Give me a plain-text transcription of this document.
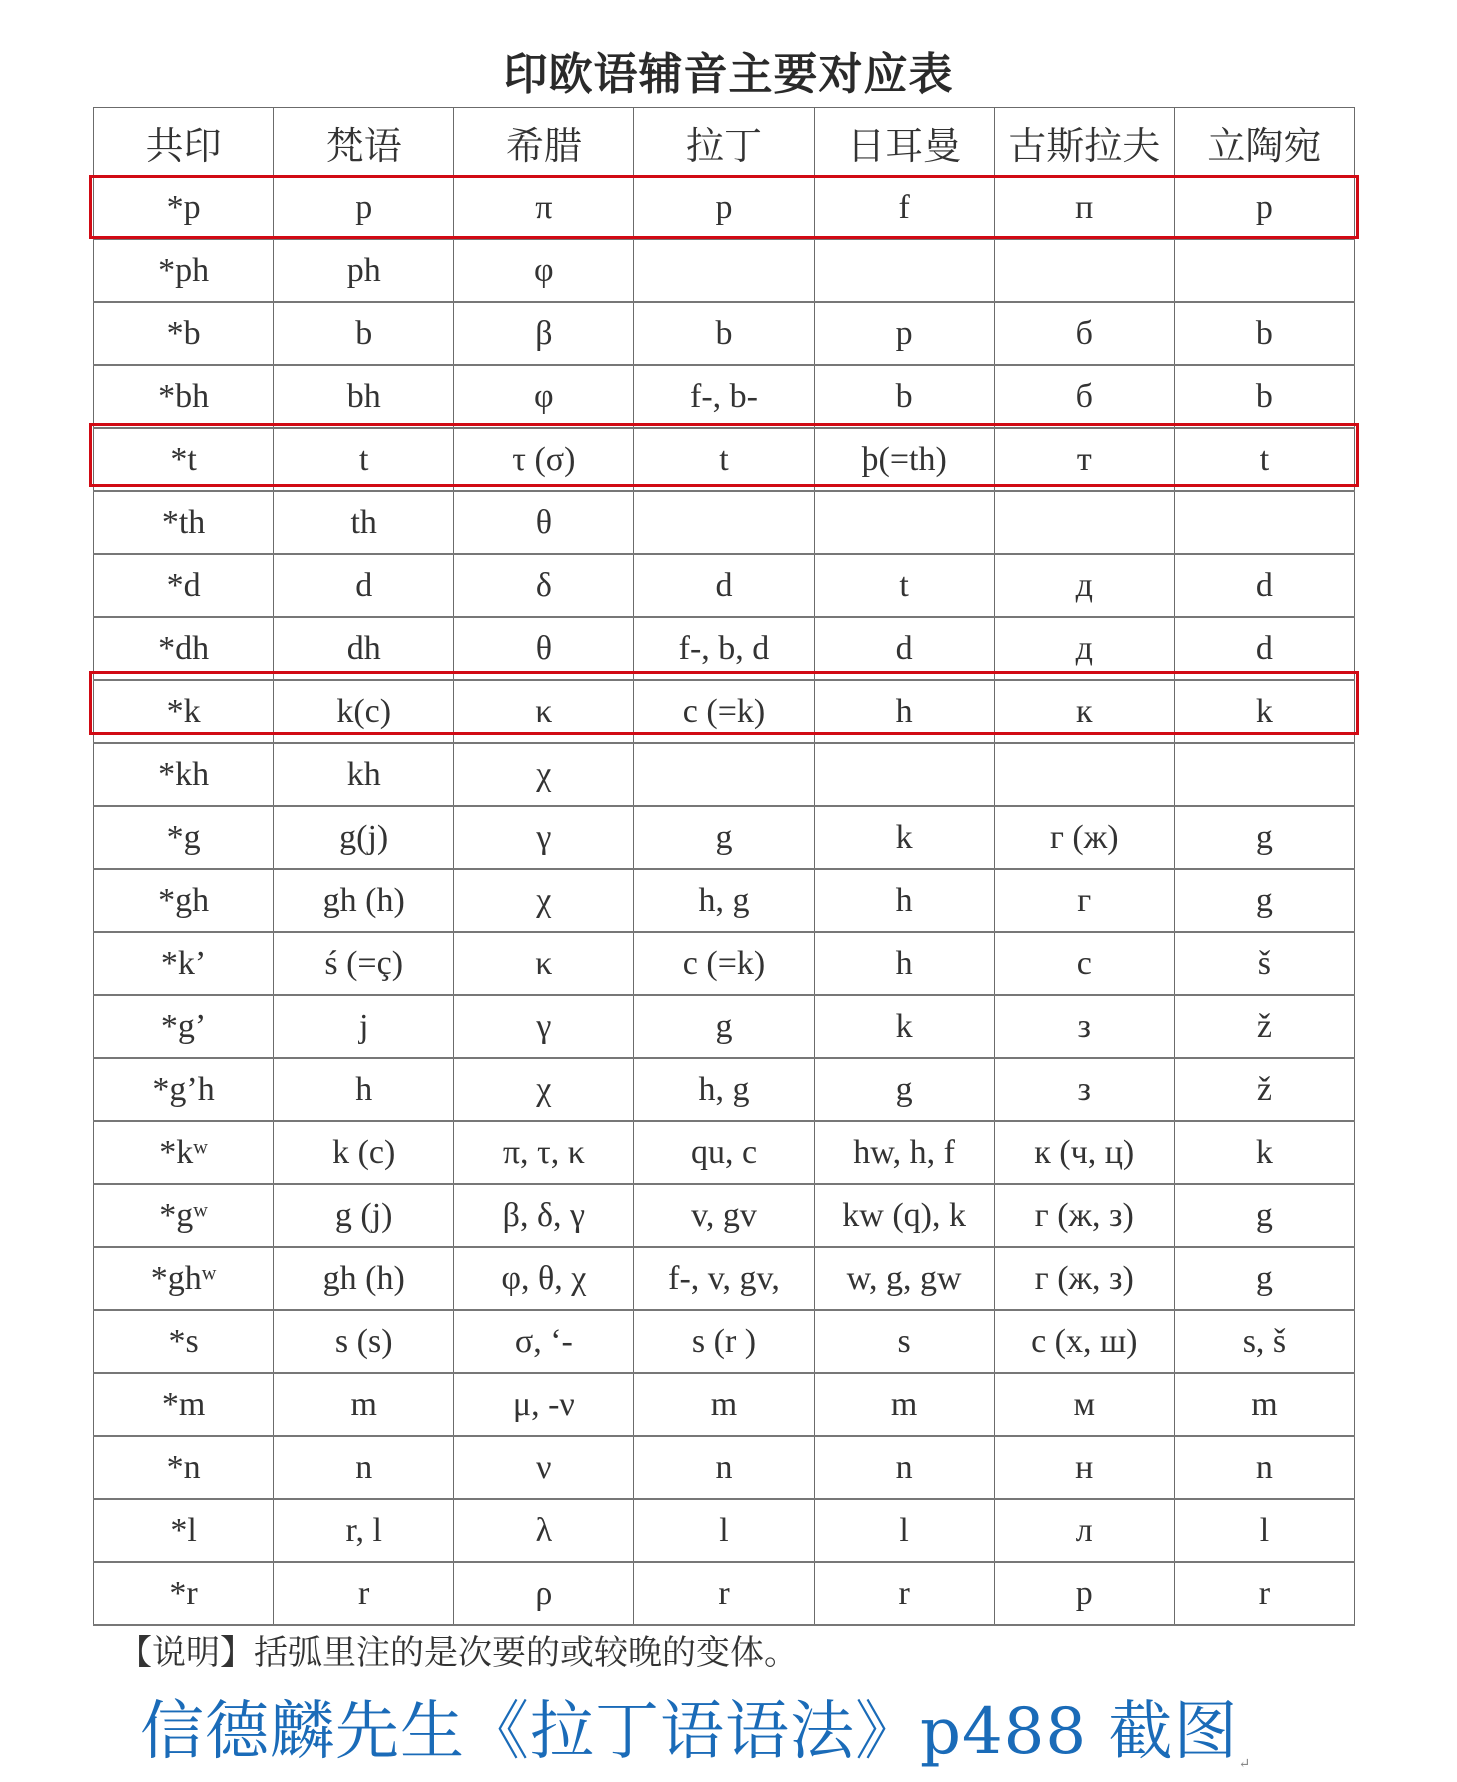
印欧语辅音主要对应表
共印	梵语	希腊	拉丁	日耳曼	古斯拉夫	立陶宛
*p	p	π	p	f	п	p
*ph	ph	φ				
*b	b	β	b	p	б	b
*bh	bh	φ	f-, b-	b	б	b
*t	t	τ (σ)	t	þ(=th)	т	t
*th	th	θ				
*d	d	δ	d	t	д	d
*dh	dh	θ	f-, b, d	d	д	d
*k	k(c)	κ	c (=k)	h	к	k
*kh	kh	χ				
*g	g(j)	γ	g	k	г (ж)	g
*gh	gh (h)	χ	h, g	h	г	g
*k’	ś (=ç)	κ	c (=k)	h	с	š
*g’	j	γ	g	k	з	ž
*g’h	h	χ	h, g	g	з	ž
*kʷ	k (c)	π, τ, κ	qu, c	hw, h, f	к (ч, ц)	k
*gʷ	g (j)	β, δ, γ	v, gv	kw (q), k	г (ж, з)	g
*ghʷ	gh (h)	φ, θ, χ	f-, v, gv,	w, g, gw	г (ж, з)	g
*s	s (s)	σ, ‘-	s (r )	s	с (х, ш)	s, š
*m	m	μ, -ν	m	m	м	m
*n	n	ν	n	n	н	n
*l	r, l	λ	l	l	л	l
*r	r	ρ	r	r	р	r
【说明】括弧里注的是次要的或较晚的变体。
信德麟先生《拉丁语语法》p488 截图↵
